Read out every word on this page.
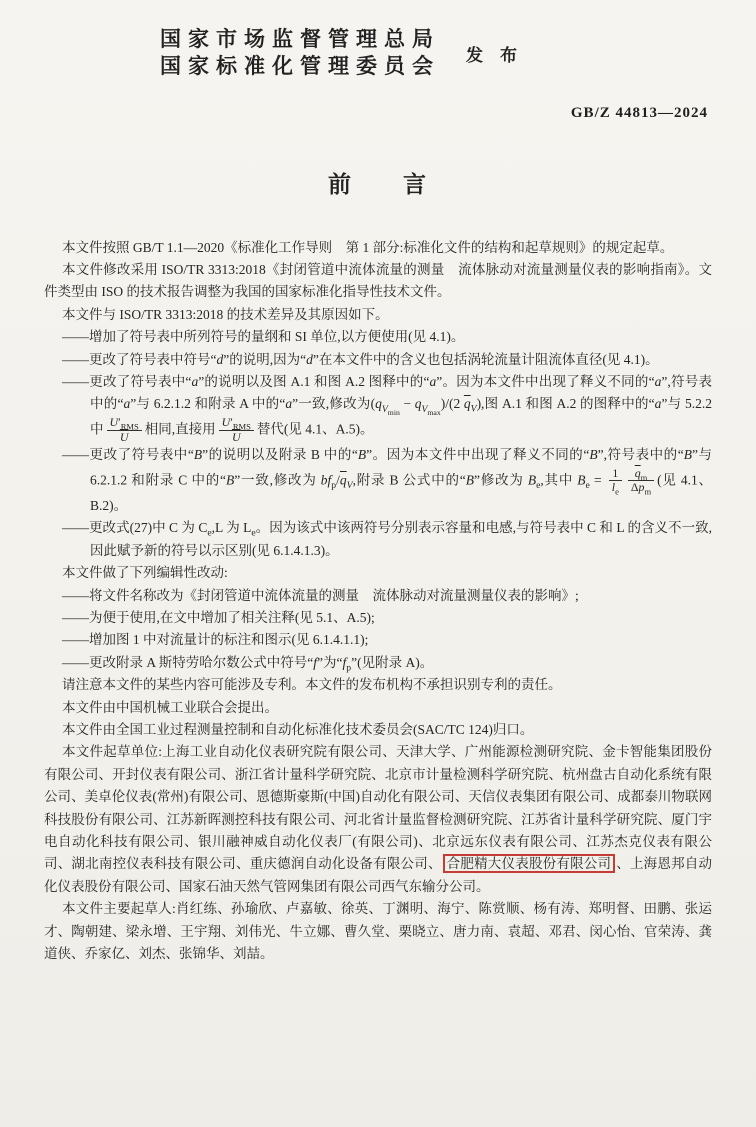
国家市场监督管理总局
国家标准化管理委员会 发　布
GB/Z 44813—2024
前　　言

本文件按照 GB/T 1.1—2020《标准化工作导则　第 1 部分:标准化文件的结构和起草规则》的规定起草。

本文件修改采用 ISO/TR 3313:2018《封闭管道中流体流量的测量　流体脉动对流量测量仪表的影响指南》。文件类型由 ISO 的技术报告调整为我国的国家标准化指导性技术文件。

本文件与 ISO/TR 3313:2018 的技术差异及其原因如下。

——增加了符号表中所列符号的量纲和 SI 单位,以方便使用(见 4.1)。

——更改了符号表中符号“d”的说明,因为“d”在本文件中的含义也包括涡轮流量计阻流体直径(见 4.1)。

——更改了符号表中“a”的说明以及图 A.1 和图 A.2 图释中的“a”。因为本文件中出现了释义不同的“a”,符号表中的“a”与 6.2.1.2 和附录 A 中的“a”一致,修改为$(q_{V_{min}} - q_{V_{max}})/(2$ $\overline{q}_V$),图 A.1 和图 A.2 的图释中的“a”与 5.2.2 中 $\frac{U'_{RMS}}{U}$ 相同,直接用 $\frac{U'_{RMS}}{U}$ 替代(见 4.1、A.5)。

——更改了符号表中“B”的说明以及附录 B 中的“B”。因为本文件中出现了释义不同的“B”,符号表中的“B”与 6.2.1.2 和附录 C 中的“B”一致,修改为 $bf_p/\overline{q}_V$,附录 B 公式中的“B”修改为 $B_e$,其中 $B_e = \frac{1}{l_e} \frac{\overline{q}_m}{\Delta p_m}$ (见 4.1、B.2)。

——更改式(27)中 C 为 $C_e,L$ 为 $L_e$。因为该式中该两符号分别表示容量和电感,与符号表中 C 和 L 的含义不一致,因此赋予新的符号以示区别(见 6.1.4.1.3)。

本文件做了下列编辑性改动:

——将文件名称改为《封闭管道中流体流量的测量　流体脉动对流量测量仪表的影响》;

——为便于使用,在文中增加了相关注释(见 5.1、A.5);

——增加图 1 中对流量计的标注和图示(见 6.1.4.1.1);

——更改附录 A 斯特劳哈尔数公式中符号“f”为“$f_p$”(见附录 A)。

请注意本文件的某些内容可能涉及专利。本文件的发布机构不承担识别专利的责任。

本文件由中国机械工业联合会提出。

本文件由全国工业过程测量控制和自动化标准化技术委员会(SAC/TC 124)归口。

本文件起草单位:上海工业自动化仪表研究院有限公司、天津大学、广州能源检测研究院、金卡智能集团股份有限公司、开封仪表有限公司、浙江省计量科学研究院、北京市计量检测科学研究院、杭州盘古自动化系统有限公司、美卓伦仪表(常州)有限公司、恩德斯豪斯(中国)自动化有限公司、天信仪表集团有限公司、成都泰川物联网科技股份有限公司、江苏新晖测控科技有限公司、河北省计量监督检测研究院、江苏省计量科学研究院、厦门宇电自动化科技有限公司、银川融神威自动化仪表厂(有限公司)、北京远东仪表有限公司、江苏杰克仪表有限公司、湖北南控仪表科技有限公司、重庆德润自动化设备有限公司、 合肥精大仪表股份有限公司 、上海恩邦自动化仪表股份有限公司、国家石油天然气管网集团有限公司西气东输分公司。

本文件主要起草人:肖红练、孙瑜欣、卢嘉敏、徐英、丁渊明、海宁、陈赏顺、杨有涛、郑明督、田鹏、张运才、陶朝建、梁永增、王宇翔、刘伟光、牛立娜、曹久堂、栗晓立、唐力南、袁超、邓君、闵心怡、官荣涛、龚道侠、乔家亿、刘杰、张锦华、刘喆。
